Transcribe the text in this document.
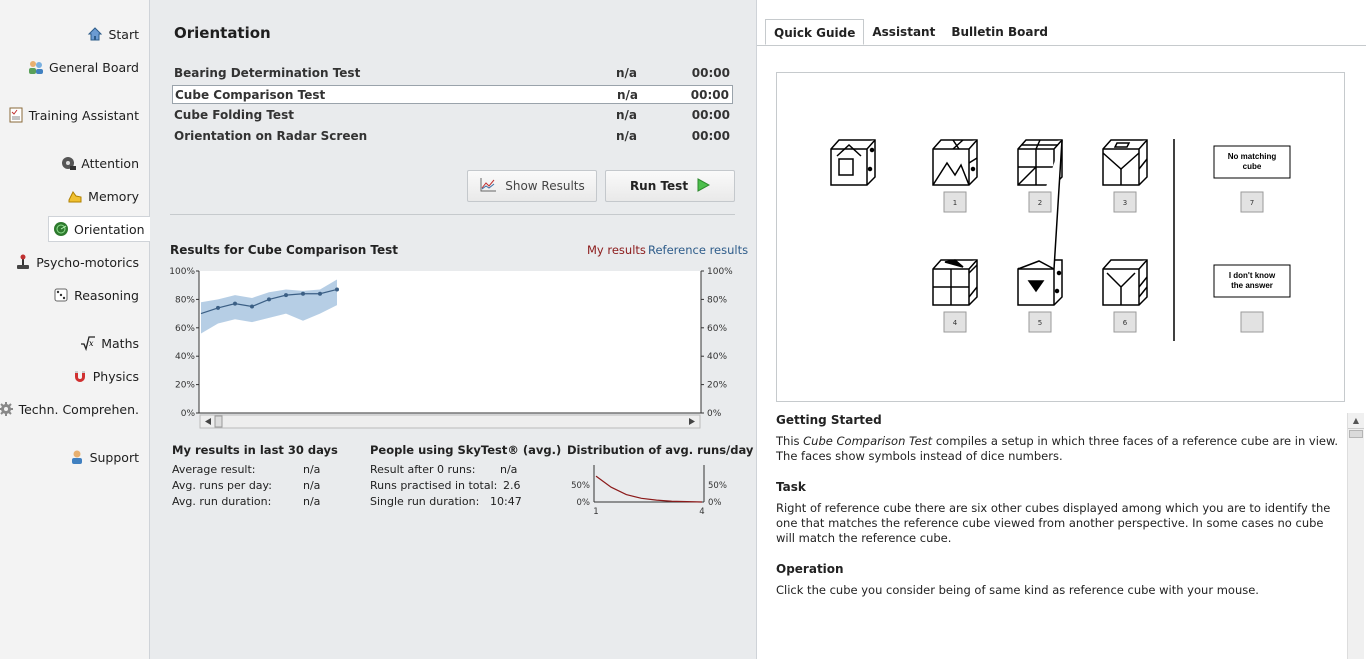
Start
General Board
Training Assistant
Attention
Memory
Orientation
Psycho-motorics
Reasoning
x Maths
Physics
Techn. Comprehen.
Support
Orientation
Bearing Determination Test	n/a	00:00
Cube Comparison Test	n/a	00:00
Cube Folding Test	n/a	00:00
Orientation on Radar Screen	n/a	00:00
Show Results	Run Test
Results for Cube Comparison Test	My results Reference results
100%	100%
80%	80%
60%	60%
40%	40%
20%	20%
0%	0%
My results in last 30 days
Average result:	n/a
Avg. runs per day:	n/a
Avg. run duration:	n/a
People using SkyTest® (avg.)
Result after 0 runs: n/a
Runs practised in total: 2.6
Single run duration: 10:47
Distribution of avg. runs/day
50%	50%
0%	0%
1	4
Quick Guide	Assistant	Bulletin Board
No matching
cube
I don't know
the answer
1	2	3
4	5	6
7
Getting Started

This Cube Comparison Test compiles a setup in which three faces of a reference cube are in view. The faces show symbols instead of dice numbers.

Task

Right of reference cube there are six other cubes displayed among which you are to identify the one that matches the reference cube viewed from another perspective. In some cases no cube will match the reference cube.

Operation

Click the cube you consider being of same kind as reference cube with your mouse.

▲
